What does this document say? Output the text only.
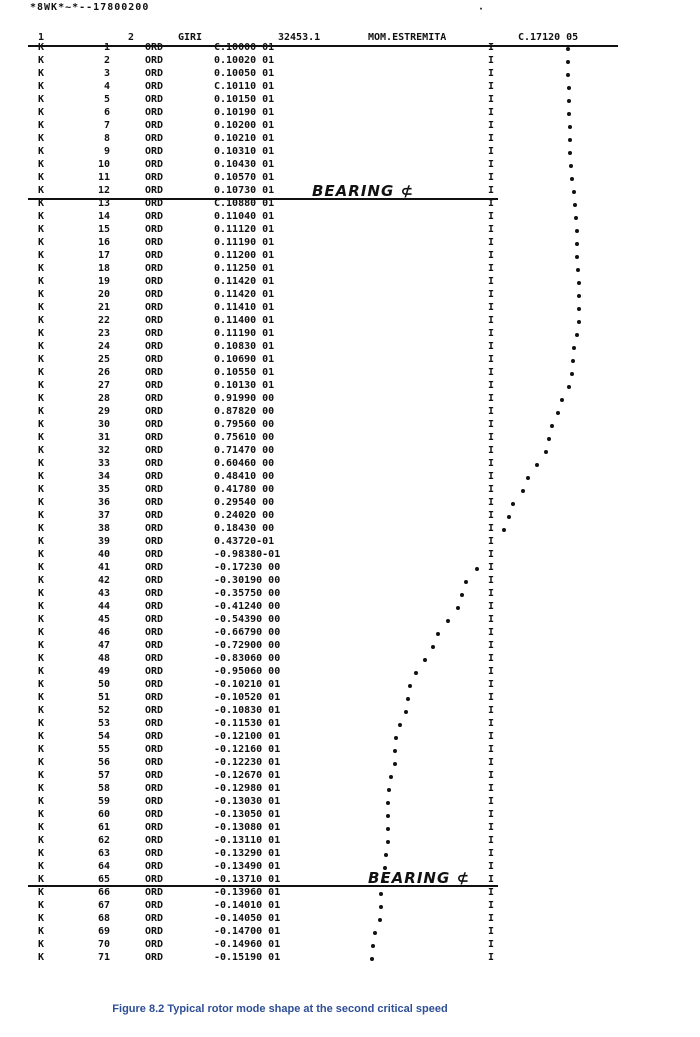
*8WK*~*--17800200	·
1	2	GIRI	32453.1	MOM.ESTREMITA	C.17120 05
K	1	ORD	C.10000 01	I
K	2	ORD	0.10020 01	I
K	3	ORD	0.10050 01	I
K	4	ORD	C.10110 01	I
K	5	ORD	0.10150 01	I
K	6	ORD	0.10190 01	I
K	7	ORD	0.10200 01	I
K	8	ORD	0.10210 01	I
K	9	ORD	0.10310 01	I
K	10	ORD	0.10430 01	I
K	11	ORD	0.10570 01	I
K	12	ORD	0.10730 01	I
K	13	ORD	C.10880 01	I
K	14	ORD	0.11040 01	I
K	15	ORD	0.11120 01	I
K	16	ORD	0.11190 01	I
K	17	ORD	0.11200 01	I
K	18	ORD	0.11250 01	I
K	19	ORD	0.11420 01	I
K	20	ORD	0.11420 01	I
K	21	ORD	0.11410 01	I
K	22	ORD	0.11400 01	I
K	23	ORD	0.11190 01	I
K	24	ORD	0.10830 01	I
K	25	ORD	0.10690 01	I
K	26	ORD	0.10550 01	I
K	27	ORD	0.10130 01	I
K	28	ORD	0.91990 00	I
K	29	ORD	0.87820 00	I
K	30	ORD	0.79560 00	I
K	31	ORD	0.75610 00	I
K	32	ORD	0.71470 00	I
K	33	ORD	0.60460 00	I
K	34	ORD	0.48410 00	I
K	35	ORD	0.41780 00	I
K	36	ORD	0.29540 00	I
K	37	ORD	0.24020 00	I
K	38	ORD	0.18430 00	I
K	39	ORD	0.43720-01	I
K	40	ORD	-0.98380-01	I
K	41	ORD	-0.17230 00	I
K	42	ORD	-0.30190 00	I
K	43	ORD	-0.35750 00	I
K	44	ORD	-0.41240 00	I
K	45	ORD	-0.54390 00	I
K	46	ORD	-0.66790 00	I
K	47	ORD	-0.72900 00	I
K	48	ORD	-0.83060 00	I
K	49	ORD	-0.95060 00	I
K	50	ORD	-0.10210 01	I
K	51	ORD	-0.10520 01	I
K	52	ORD	-0.10830 01	I
K	53	ORD	-0.11530 01	I
K	54	ORD	-0.12100 01	I
K	55	ORD	-0.12160 01	I
K	56	ORD	-0.12230 01	I
K	57	ORD	-0.12670 01	I
K	58	ORD	-0.12980 01	I
K	59	ORD	-0.13030 01	I
K	60	ORD	-0.13050 01	I
K	61	ORD	-0.13080 01	I
K	62	ORD	-0.13110 01	I
K	63	ORD	-0.13290 01	I
K	64	ORD	-0.13490 01	I
K	65	ORD	-0.13710 01	I
K	66	ORD	-0.13960 01	I
K	67	ORD	-0.14010 01	I
K	68	ORD	-0.14050 01	I
K	69	ORD	-0.14700 01	I
K	70	ORD	-0.14960 01	I
K	71	ORD	-0.15190 01	I
BEARING ⊄
BEARING ⊄
Figure 8.2 Typical rotor mode shape at the second critical speed
